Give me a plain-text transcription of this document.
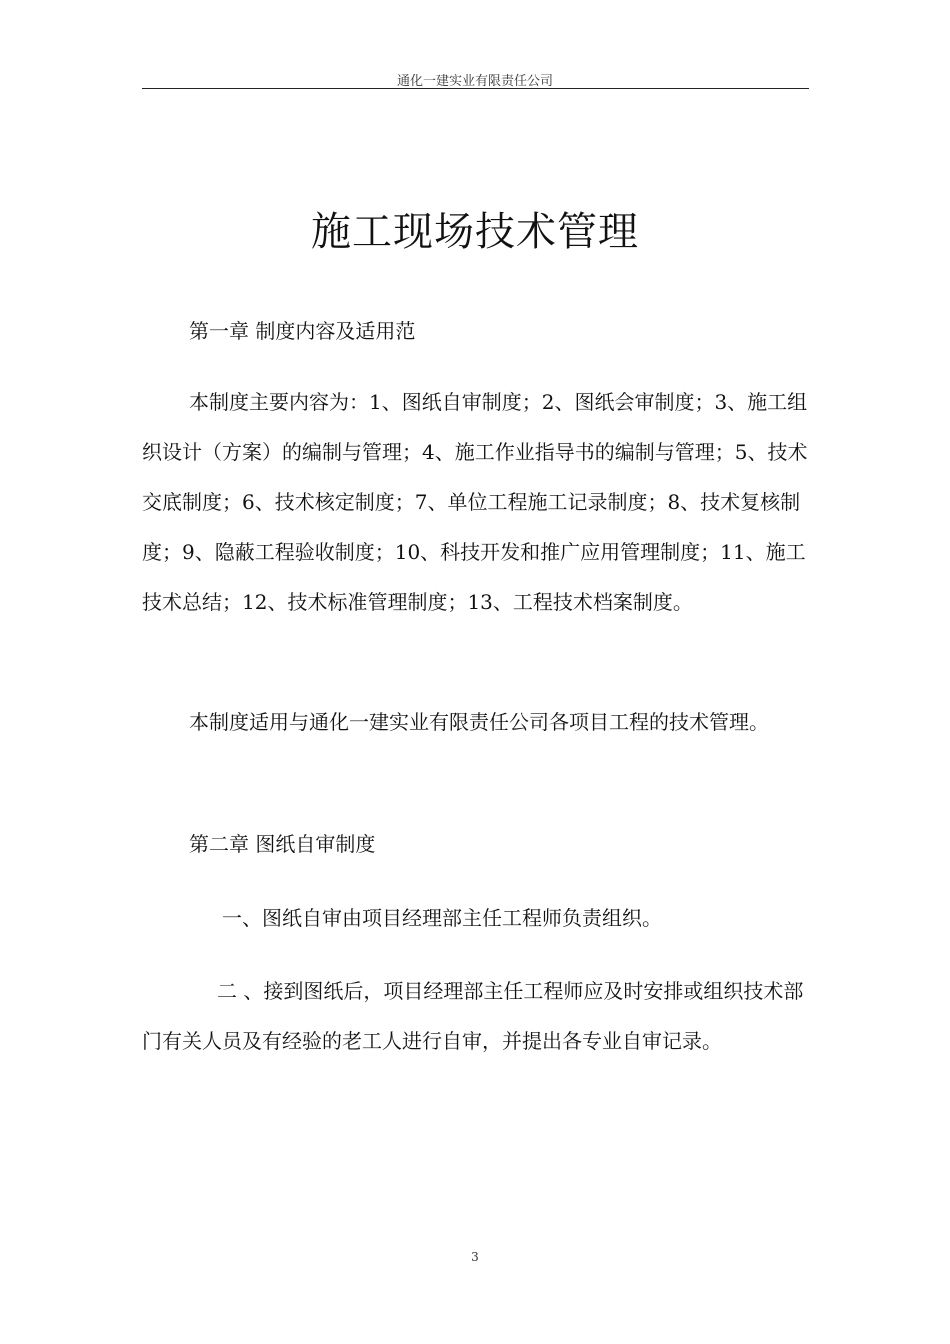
通化一建实业有限责任公司
施工现场技术管理

第一章 制度内容及适用范

本制度主要内容为：1、图纸自审制度；2、图纸会审制度；3、施工组织设计（方案）的编制与管理；4、施工作业指导书的编制与管理；5、技术交底制度；6、技术核定制度；7、单位工程施工记录制度；8、技术复核制度；9、隐蔽工程验收制度；10、科技开发和推广应用管理制度；11、施工技术总结；12、技术标准管理制度；13、工程技术档案制度。

本制度适用与通化一建实业有限责任公司各项目工程的技术管理。

第二章 图纸自审制度

一、图纸自审由项目经理部主任工程师负责组织。

二 、接到图纸后，项目经理部主任工程师应及时安排或组织技术部门有关人员及有经验的老工人进行自审，并提出各专业自审记录。

3
